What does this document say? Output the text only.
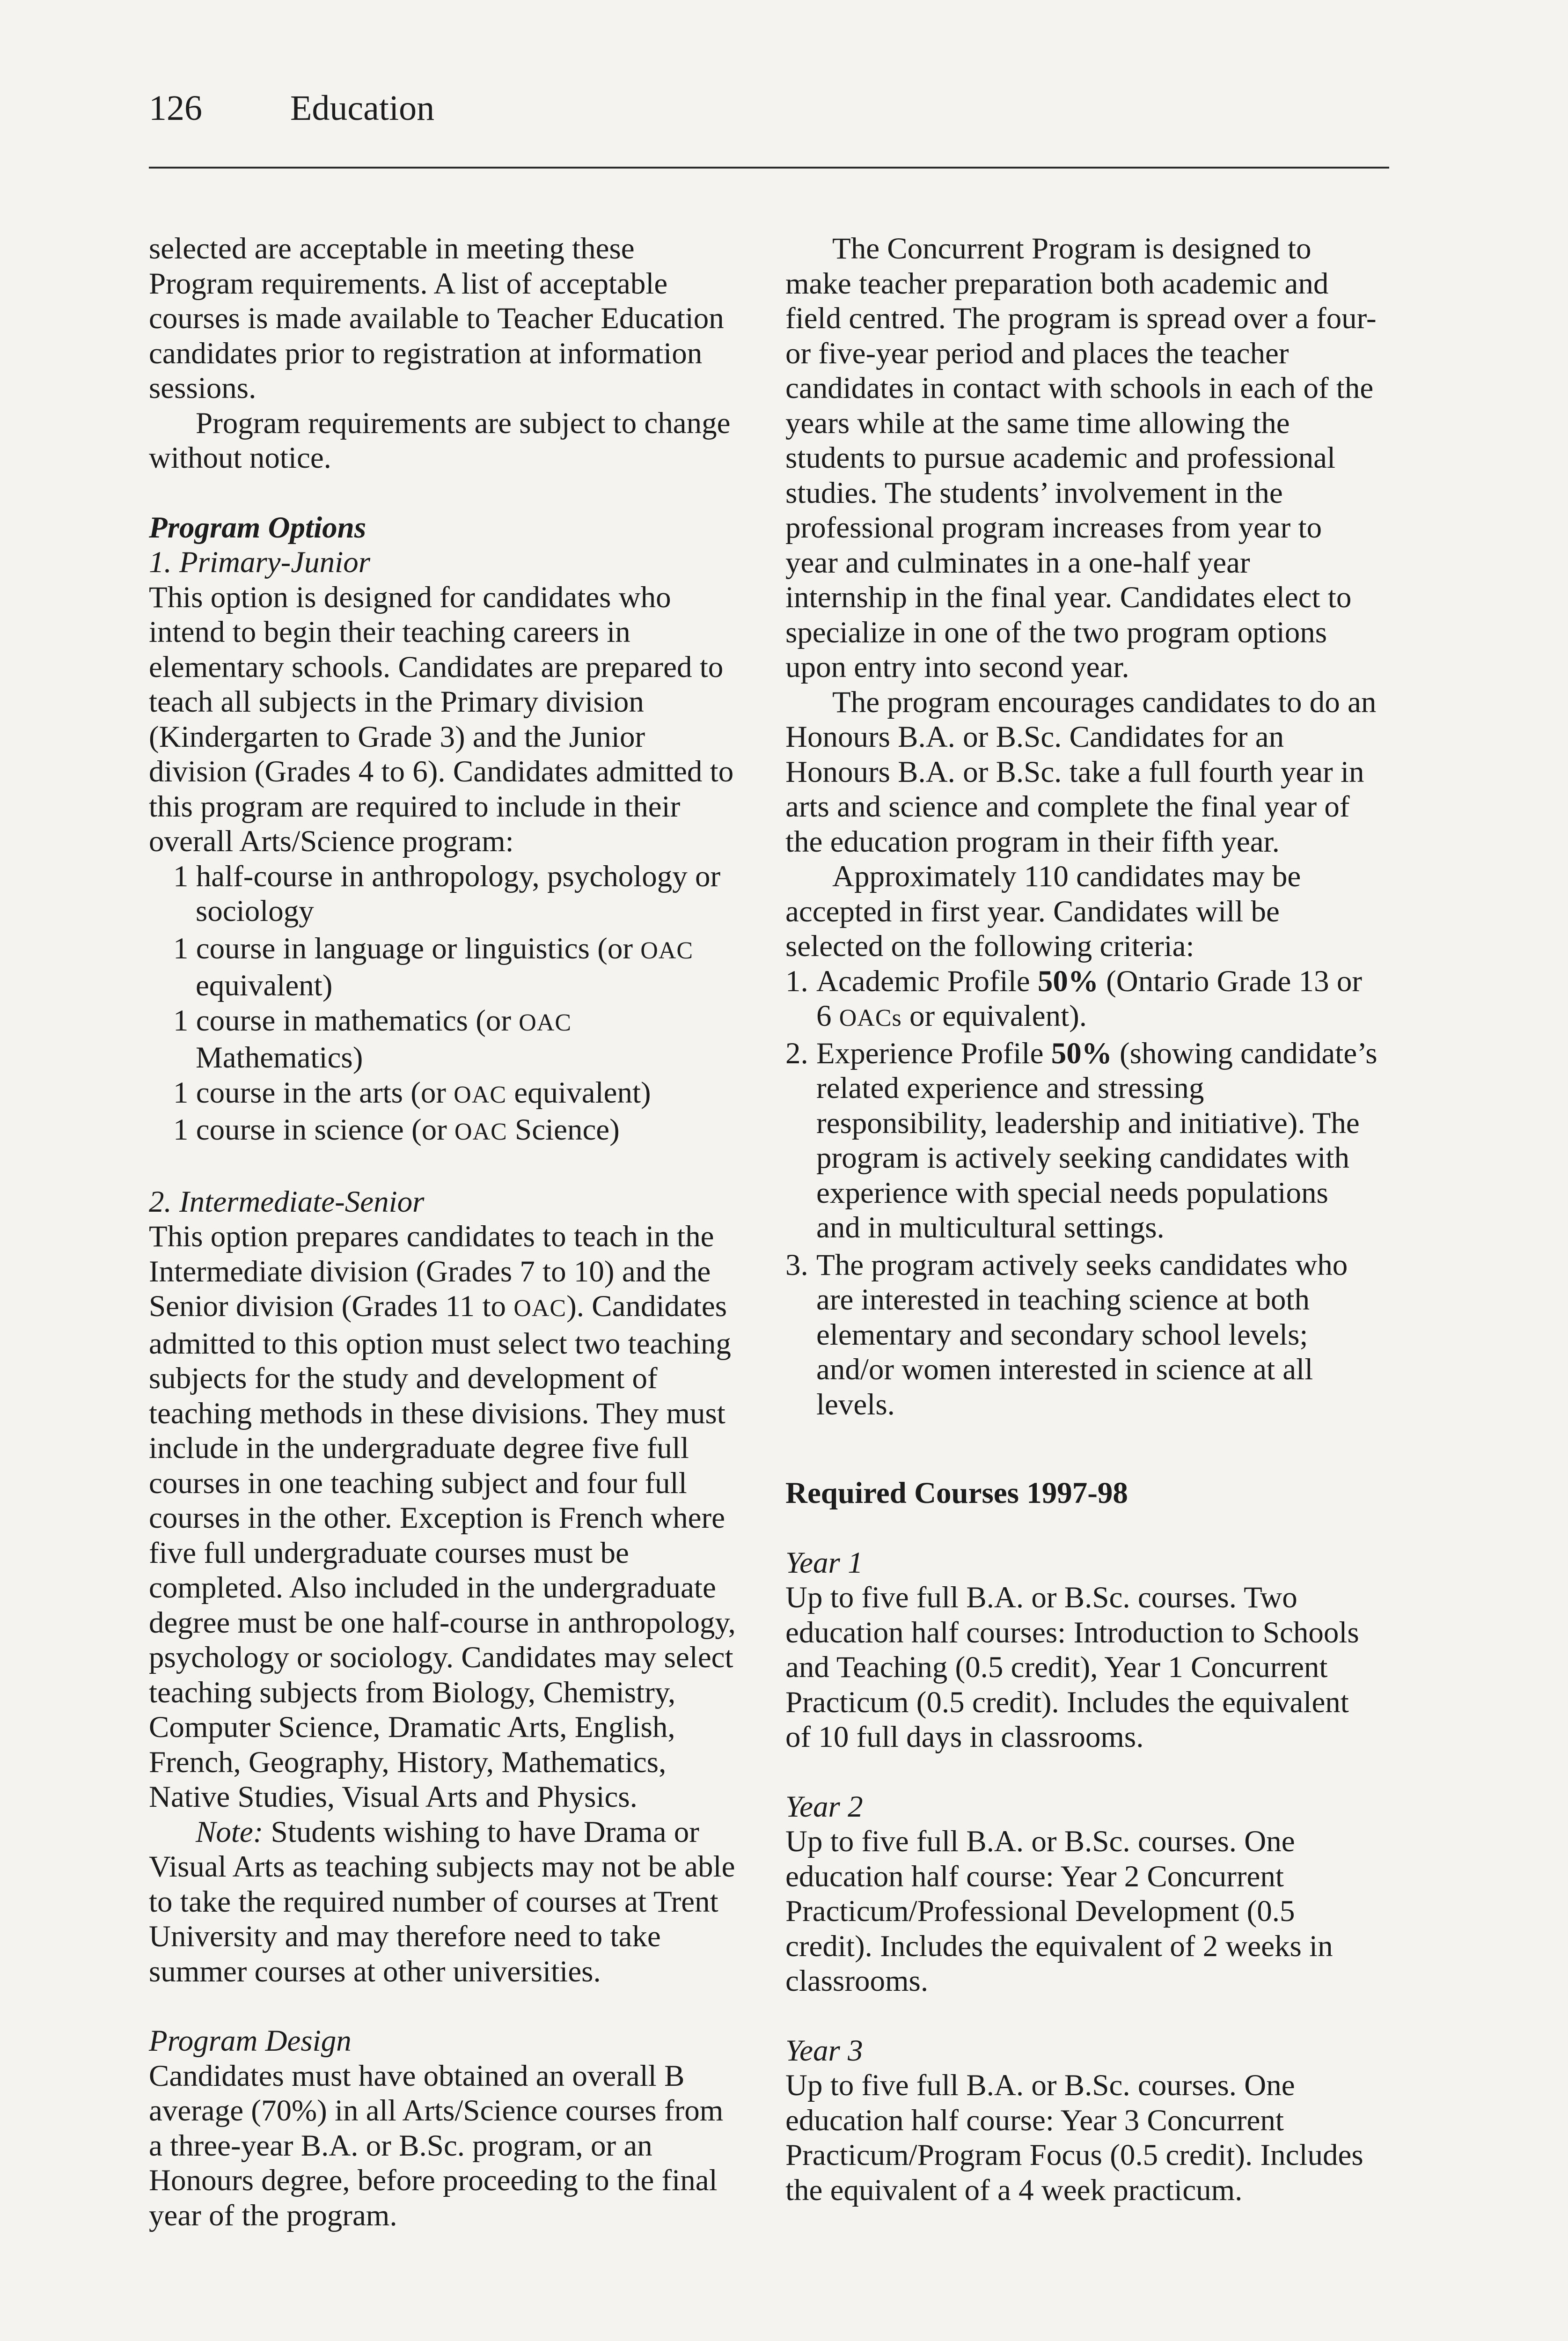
126 Education

selected are acceptable in meeting these Program requirements. A list of acceptable courses is made available to Teacher Education candidates prior to registration at information sessions.

Program requirements are subject to change without notice.

Program Options

1. Primary-Junior

This option is designed for candidates who intend to begin their teaching careers in elementary schools. Candidates are prepared to teach all subjects in the Primary division (Kindergarten to Grade 3) and the Junior division (Grades 4 to 6). Candidates admitted to this program are required to include in their overall Arts/Science program:

1 half-course in anthropology, psychology or sociology

1 course in language or linguistics (or OAC equivalent)

1 course in mathematics (or OAC Mathematics)

1 course in the arts (or OAC equivalent)

1 course in science (or OAC Science)

2. Intermediate-Senior

This option prepares candidates to teach in the Intermediate division (Grades 7 to 10) and the Senior division (Grades 11 to OAC). Candidates admitted to this option must select two teaching subjects for the study and development of teaching methods in these divisions. They must include in the undergraduate degree five full courses in one teaching subject and four full courses in the other. Exception is French where five full undergraduate courses must be completed. Also included in the undergraduate degree must be one half-course in anthropology, psychology or sociology. Candidates may select teaching subjects from Biology, Chemistry, Computer Science, Dramatic Arts, English, French, Geography, History, Mathematics, Native Studies, Visual Arts and Physics.

Note: Students wishing to have Drama or Visual Arts as teaching subjects may not be able to take the required number of courses at Trent University and may therefore need to take summer courses at other universities.

Program Design

Candidates must have obtained an overall B average (70%) in all Arts/Science courses from a three-year B.A. or B.Sc. program, or an Honours degree, before proceeding to the final year of the program.

The Concurrent Program is designed to make teacher preparation both academic and field centred. The program is spread over a four- or five-year period and places the teacher candidates in contact with schools in each of the years while at the same time allowing the students to pursue academic and professional studies. The students’ involvement in the professional program increases from year to year and culminates in a one-half year internship in the final year. Candidates elect to specialize in one of the two program options upon entry into second year.

The program encourages candidates to do an Honours B.A. or B.Sc. Candidates for an Honours B.A. or B.Sc. take a full fourth year in arts and science and complete the final year of the education program in their fifth year.

Approximately 110 candidates may be accepted in first year. Candidates will be selected on the following criteria:

1. Academic Profile 50% (Ontario Grade 13 or 6 OACs or equivalent).
2. Experience Profile 50% (showing candidate’s related experience and stressing responsibility, leadership and initiative). The program is actively seeking candidates with experience with special needs populations and in multicultural settings.
3. The program actively seeks candidates who are interested in teaching science at both elementary and secondary school levels; and/or women interested in science at all levels.

Required Courses 1997-98

Year 1

Up to five full B.A. or B.Sc. courses. Two education half courses: Introduction to Schools and Teaching (0.5 credit), Year 1 Concurrent Practicum (0.5 credit). Includes the equivalent of 10 full days in classrooms.

Year 2

Up to five full B.A. or B.Sc. courses. One education half course: Year 2 Concurrent Practicum/Professional Development (0.5 credit). Includes the equivalent of 2 weeks in classrooms.

Year 3

Up to five full B.A. or B.Sc. courses. One education half course: Year 3 Concurrent Practicum/Program Focus (0.5 credit). Includes the equivalent of a 4 week practicum.
